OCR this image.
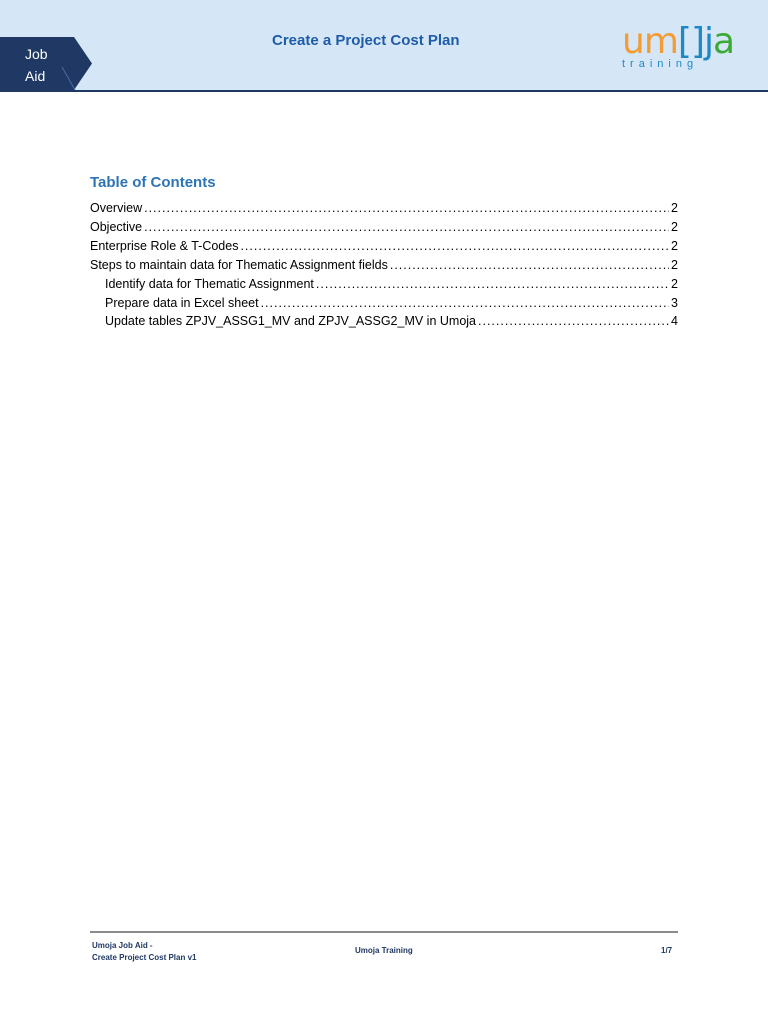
Job
Aid
Create a Project Cost Plan	um[]ja
training
Table of Contents
Overview .....	2
Objective .....	2
Enterprise Role & T-Codes .....	2
Steps to maintain data for Thematic Assignment fields .....	2
Identify data for Thematic Assignment .....	2
Prepare data in Excel sheet .....	3
Update tables ZPJV_ASSG1_MV and ZPJV_ASSG2_MV in Umoja .....	4
Umoja Job Aid -
Create Project Cost Plan v1
Umoja Training	1/7
